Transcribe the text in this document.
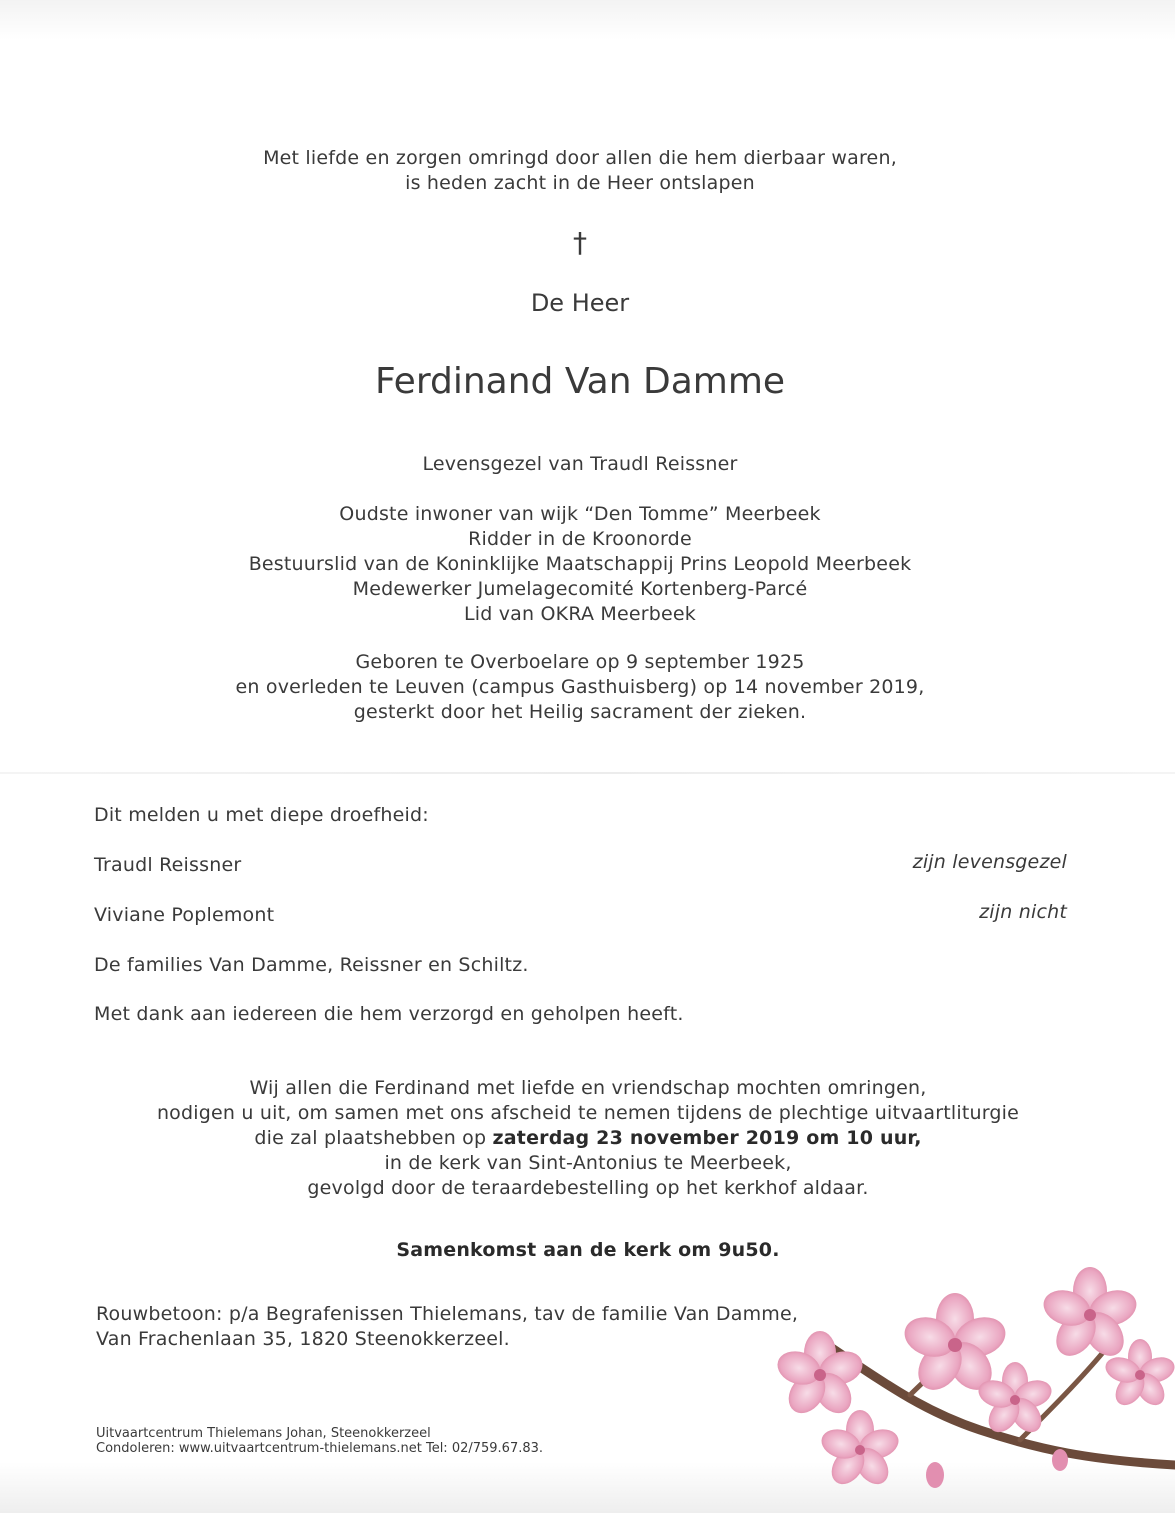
Met liefde en zorgen omringd door allen die hem dierbaar waren,
is heden zacht in de Heer ontslapen
†
De Heer
Ferdinand Van Damme
Levensgezel van Traudl Reissner
Oudste inwoner van wijk “Den Tomme” Meerbeek
Ridder in de Kroonorde
Bestuurslid van de Koninklijke Maatschappij Prins Leopold Meerbeek
Medewerker Jumelagecomité Kortenberg-Parcé
Lid van OKRA Meerbeek
Geboren te Overboelare op 9 september 1925
en overleden te Leuven (campus Gasthuisberg) op 14 november 2019,
gesterkt door het Heilig sacrament der zieken.
Dit melden u met diepe droefheid:
Traudl Reissner	zijn levensgezel
Viviane Poplemont	zijn nicht
De families Van Damme, Reissner en Schiltz.
Met dank aan iedereen die hem verzorgd en geholpen heeft.
Wij allen die Ferdinand met liefde en vriendschap mochten omringen,
nodigen u uit, om samen met ons afscheid te nemen tijdens de plechtige uitvaartliturgie
die zal plaatshebben op zaterdag 23 november 2019 om 10 uur,
in de kerk van Sint-Antonius te Meerbeek,
gevolgd door de teraardebestelling op het kerkhof aldaar.
Samenkomst aan de kerk om 9u50.
Rouwbetoon: p/a Begrafenissen Thielemans, tav de familie Van Damme,
Van Frachenlaan 35, 1820 Steenokkerzeel.
Uitvaartcentrum Thielemans Johan, Steenokkerzeel
Condoleren: www.uitvaartcentrum-thielemans.net Tel: 02/759.67.83.
